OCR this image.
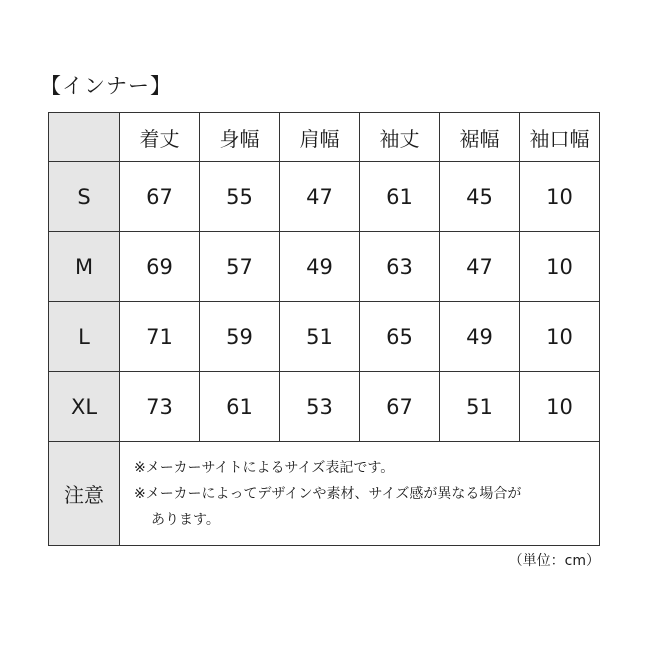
【インナー】
	着丈	身幅	肩幅	袖丈	裾幅	袖口幅
S	67	55	47	61	45	10
M	69	57	49	63	47	10
L	71	59	51	65	49	10
XL	73	61	53	67	51	10
注意	※メーカーサイトによるサイズ表記です。
※メーカーによってデザインや素材、サイズ感が異なる場合が
あります。					
（単位：cm）
